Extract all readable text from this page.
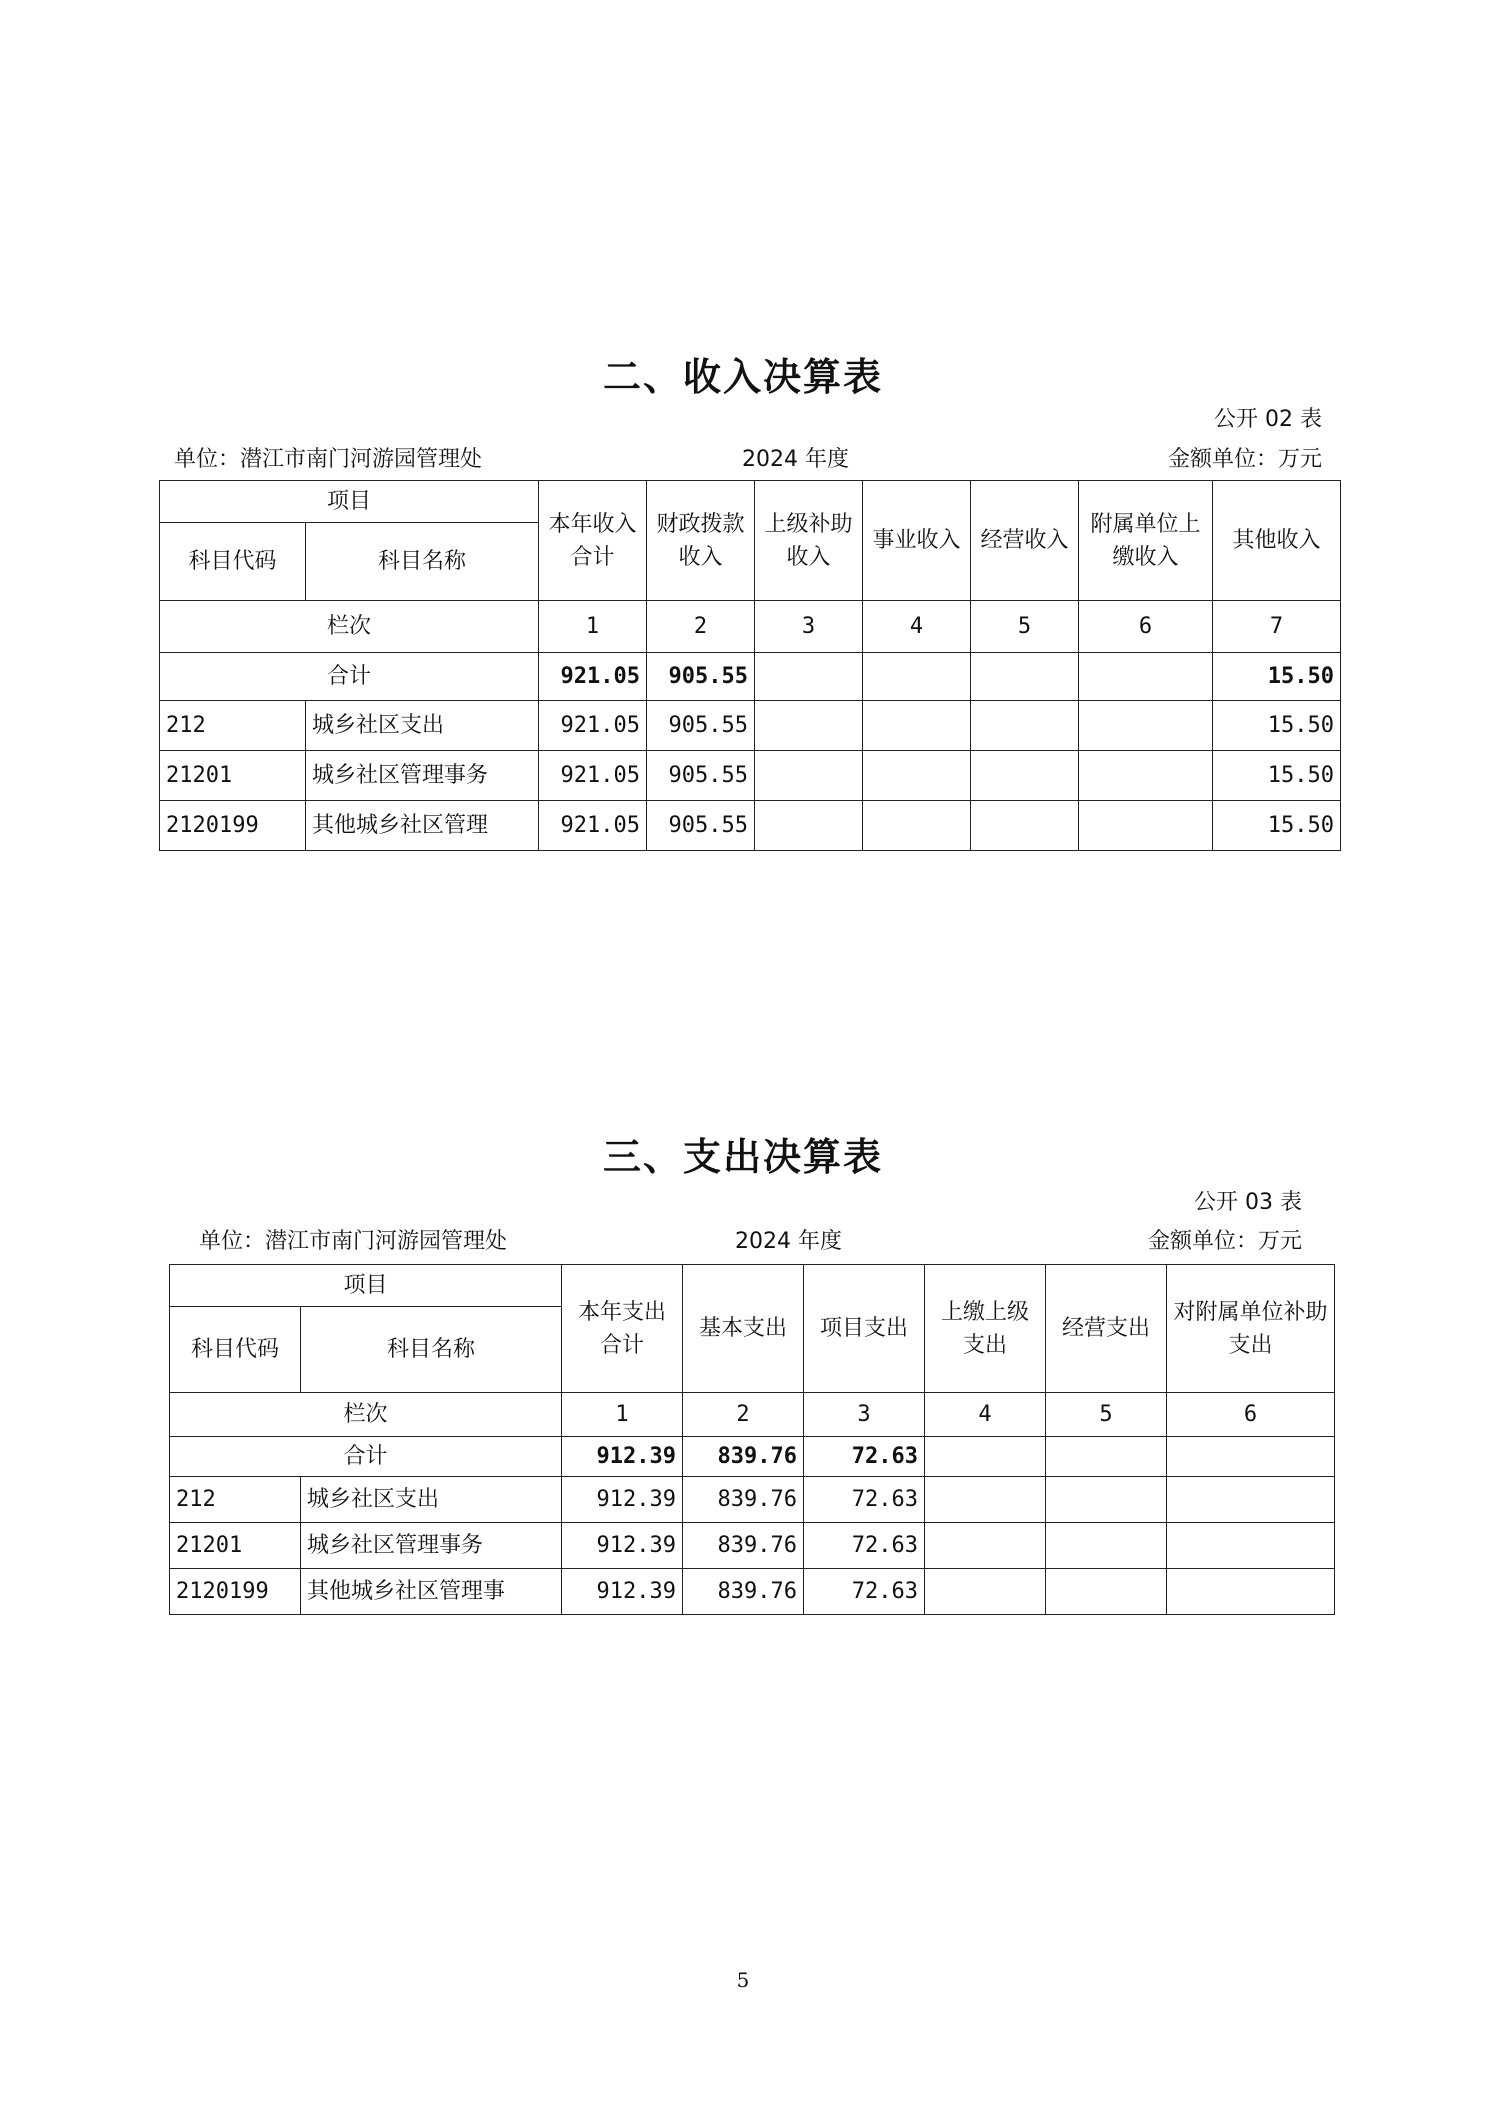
二、收入决算表
公开 02 表
单位：潜江市南门河游园管理处	2024 年度	金额单位：万元
项目		本年收入合计	财政拨款收入	上级补助收入	事业收入	经营收入	附属单位上缴收入	其他收入
科目代码	科目名称							
栏次		1	2	3	4	5	6	7
合计		921.05	905.55					15.50
212	城乡社区支出	921.05	905.55					15.50
21201	城乡社区管理事务	921.05	905.55					15.50
2120199	其他城乡社区管理	921.05	905.55					15.50
三、支出决算表
公开 03 表
单位：潜江市南门河游园管理处	2024 年度	金额单位：万元
项目		本年支出合计	基本支出	项目支出	上缴上级支出	经营支出	对附属单位补助支出
科目代码	科目名称						
栏次		1	2	3	4	5	6
合计		912.39	839.76	72.63			
212	城乡社区支出	912.39	839.76	72.63			
21201	城乡社区管理事务	912.39	839.76	72.63			
2120199	其他城乡社区管理事	912.39	839.76	72.63			
5
